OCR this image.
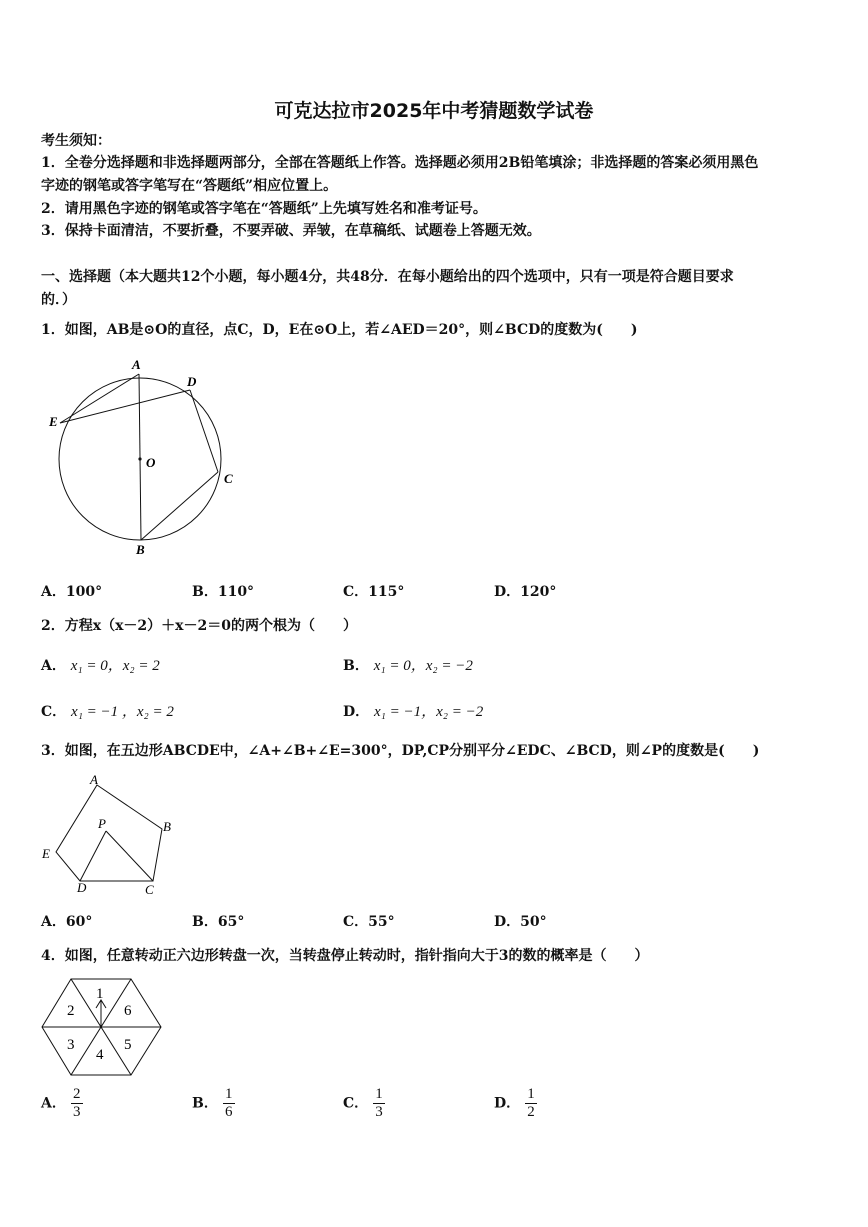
可克达拉市2025年中考猜题数学试卷
考生须知：
1．全卷分选择题和非选择题两部分，全部在答题纸上作答。选择题必须用2B铅笔填涂；非选择题的答案必须用黑色
字迹的钢笔或答字笔写在“答题纸”相应位置上。
2．请用黑色字迹的钢笔或答字笔在“答题纸”上先填写姓名和准考证号。
3．保持卡面清洁，不要折叠，不要弄破、弄皱，在草稿纸、试题卷上答题无效。
一、选择题（本大题共12个小题，每小题4分，共48分．在每小题给出的四个选项中，只有一项是符合题目要求
的．）
1．如图，AB是⊙O的直径，点C，D，E在⊙O上，若∠AED＝20°，则∠BCD的度数为(　　)
A
D
E
O
C
B
A．100°	B．110°	C．115°	D．120°
2．方程x（x－2）＋x－2＝0的两个根为（　　）
A． x₁ = 0，x₂ = 2	B． x₁ = 0，x₂ = −2
C． x₁ = −1 ，x₂ = 2	D． x₁ = −1，x₂ = −2
3．如图，在五边形ABCDE中，∠A+∠B+∠E=300°，DP,CP分别平分∠EDC、∠BCD，则∠P的度数是(　　)
A
B
C
D
E
P
A．60°	B．65°	C．55°	D．50°
4．如图，任意转动正六边形转盘一次，当转盘停止转动时，指针指向大于3的数的概率是（　　）
1
2
3
4
5
6
A． $\frac{2}{3}$	B． $\frac{1}{6}$	C． $\frac{1}{3}$	D． $\frac{1}{2}$
